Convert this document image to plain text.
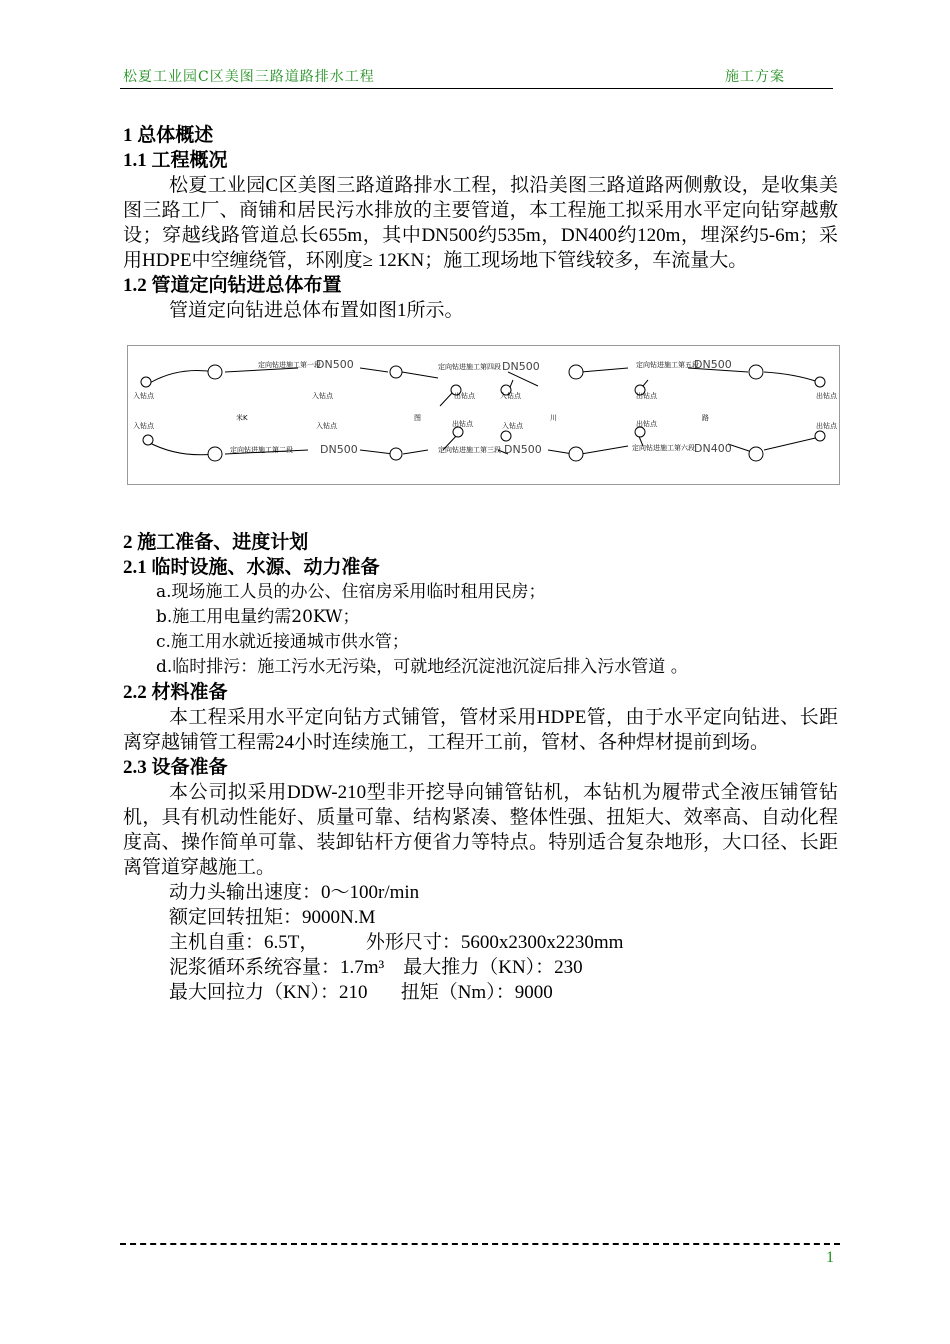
松夏工业园C区美图三路道路排水工程	施工方案
1 总体概述
1.1 工程概况
松夏工业园C区美图三路道路排水工程，拟沿美图三路道路两侧敷设，是收集美图三路工厂、商铺和居民污水排放的主要管道，本工程施工拟采用水平定向钻穿越敷设；穿越线路管道总长655m，其中DN500约535m，DN400约120m，埋深约5-6m；采用HDPE中空缠绕管，环刚度≥ 12KN；施工现场地下管线较多，车流量大。
1.2 管道定向钻进总体布置
管道定向钻进总体布置如图1所示。
定向钻进施工第一段	定向钻进施工第四段	定向钻进施工第五段
定向钻进施工第二段	定向钻进施工第三段	定向钻进施工第六段
入钻点	入钻点	出钻点	入钻点	出钻点	出钻点
入钻点	入钻点	出钻点	入钻点	出钻点	出钻点
米K	图	川	路
DN500	DN500	DN500
DN500	DN500	DN400
2 施工准备、进度计划
2.1 临时设施、水源、动力准备
a.现场施工人员的办公、住宿房采用临时租用民房；
b.施工用电量约需20KW；
c.施工用水就近接通城市供水管；
d.临时排污：施工污水无污染，可就地经沉淀池沉淀后排入污水管道 。
2.2 材料准备
本工程采用水平定向钻方式铺管，管材采用HDPE管，由于水平定向钻进、长距离穿越铺管工程需24小时连续施工，工程开工前，管材、各种焊材提前到场。
2.3 设备准备
本公司拟采用DDW-210型非开挖导向铺管钻机，本钻机为履带式全液压铺管钻机，具有机动性能好、质量可靠、结构紧凑、整体性强、扭矩大、效率高、自动化程度高、操作简单可靠、装卸钻杆方便省力等特点。特别适合复杂地形，大口径、长距离管道穿越施工。
动力头输出速度：0～100r/min
额定回转扭矩：9000N.M
主机自重：6.5T，          外形尺寸：5600x2300x2230mm
泥浆循环系统容量：1.7m³    最大推力（KN）：230
最大回拉力（KN）：210       扭矩（Nm）：9000
1
